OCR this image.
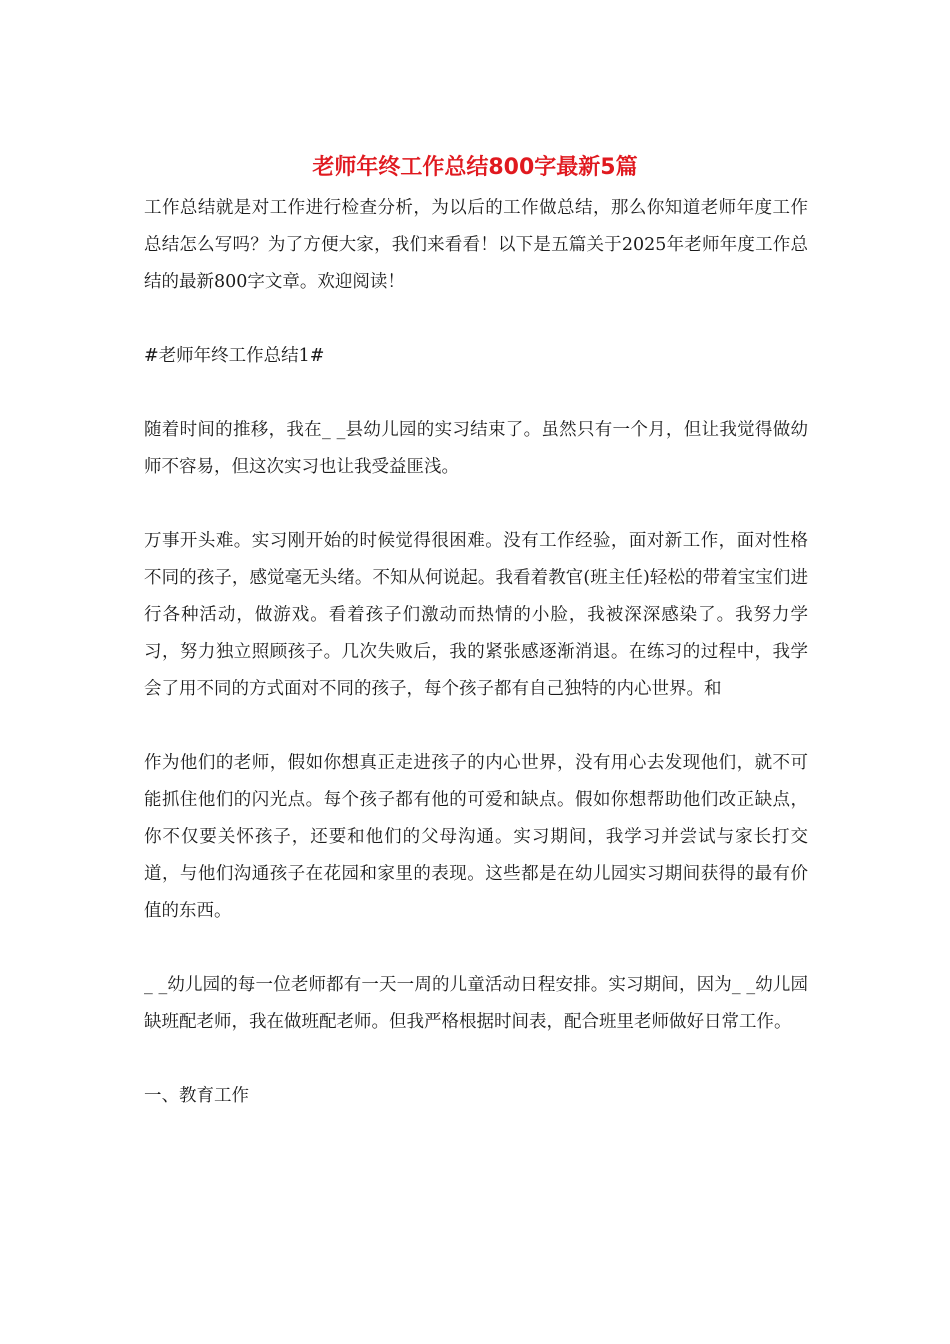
老师年终工作总结800字最新5篇

工作总结就是对工作进行检查分析，为以后的工作做总结，那么你知道老师年度工作总结怎么写吗？为了方便大家，我们来看看！以下是五篇关于2025年老师年度工作总结的最新800字文章。欢迎阅读！

#老师年终工作总结1#

随着时间的推移，我在_ _县幼儿园的实习结束了。虽然只有一个月，但让我觉得做幼师不容易，但这次实习也让我受益匪浅。

万事开头难。实习刚开始的时候觉得很困难。没有工作经验，面对新工作，面对性格不同的孩子，感觉毫无头绪。不知从何说起。我看着教官(班主任)轻松的带着宝宝们进行各种活动，做游戏。看着孩子们激动而热情的小脸，我被深深感染了。我努力学习，努力独立照顾孩子。几次失败后，我的紧张感逐渐消退。在练习的过程中，我学会了用不同的方式面对不同的孩子，每个孩子都有自己独特的内心世界。和

作为他们的老师，假如你想真正走进孩子的内心世界，没有用心去发现他们，就不可能抓住他们的闪光点。每个孩子都有他的可爱和缺点。假如你想帮助他们改正缺点，你不仅要关怀孩子，还要和他们的父母沟通。实习期间，我学习并尝试与家长打交道，与他们沟通孩子在花园和家里的表现。这些都是在幼儿园实习期间获得的最有价值的东西。

_ _幼儿园的每一位老师都有一天一周的儿童活动日程安排。实习期间，因为_ _幼儿园缺班配老师，我在做班配老师。但我严格根据时间表，配合班里老师做好日常工作。

一、教育工作
